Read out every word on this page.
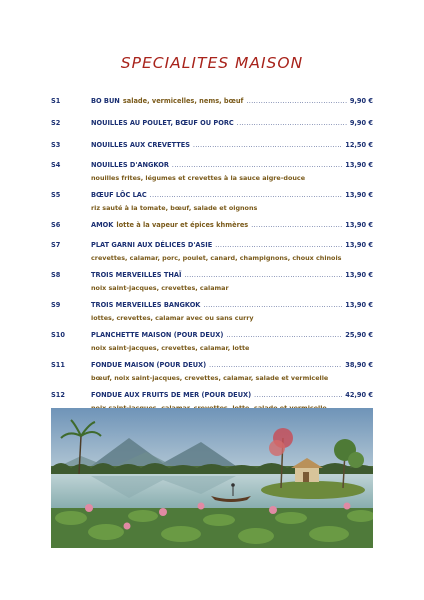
SPECIALITES MAISON
S1	BO BUN salade, vermicelles, nems, bœuf .....	9,90 €
S2	NOUILLES AU POULET, BŒUF OU PORC .....	9,90 €
S3	NOUILLES AUX CREVETTES .....	12,50 €
S4	NOUILLES D'ANGKOR .....	13,90 €
nouilles frites, légumes et crevettes à la sauce aigre-douce
S5	BŒUF LÔC LAC .....	13,90 €
riz sauté à la tomate, bœuf, salade et oignons
S6	AMOK lotte à la vapeur et épices khmères .....	13,90 €
S7	PLAT GARNI AUX DÉLICES D'ASIE .....	13,90 €
crevettes, calamar, porc, poulet, canard, champignons, choux chinois
S8	TROIS MERVEILLES THAÏ .....	13,90 €
noix saint-jacques, crevettes, calamar
S9	TROIS MERVEILLES BANGKOK .....	13,90 €
lottes, crevettes, calamar avec ou sans curry
S10	PLANCHETTE MAISON (POUR DEUX) .....	25,90 €
noix saint-jacques, crevettes, calamar, lotte
S11	FONDUE MAISON (POUR DEUX) .....	38,90 €
bœuf, noix saint-jacques, crevettes, calamar, salade et vermicelle
S12	FONDUE AUX FRUITS DE MER (POUR DEUX) .....	42,90 €
